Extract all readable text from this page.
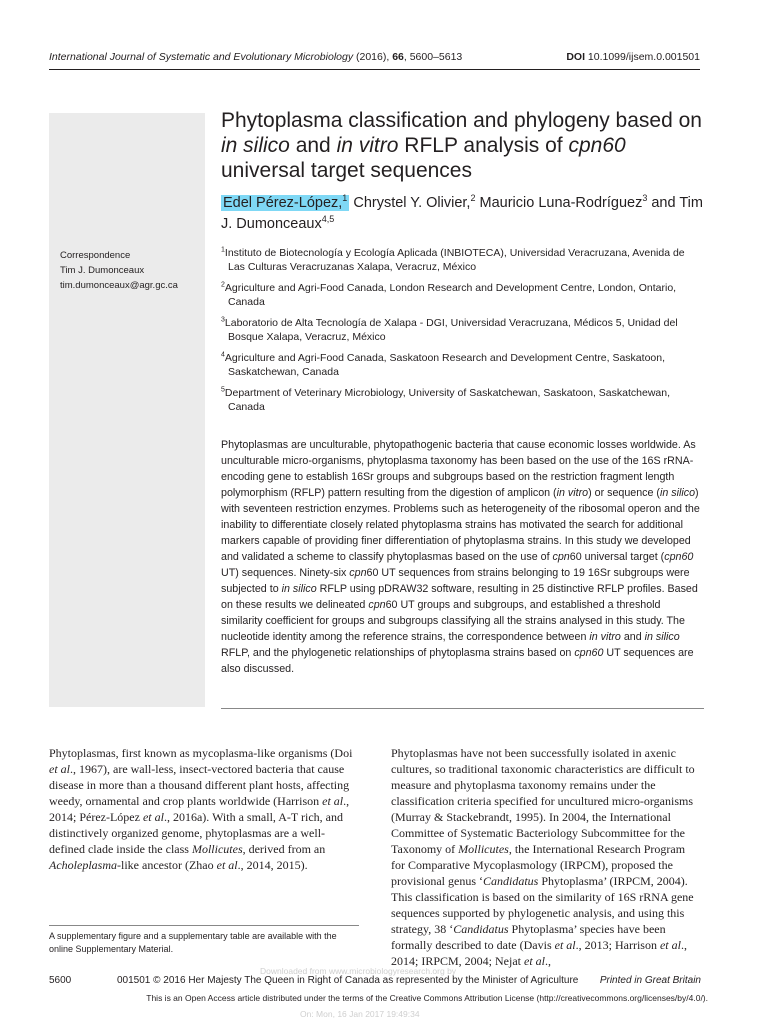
International Journal of Systematic and Evolutionary Microbiology (2016), 66, 5600–5613	DOI 10.1099/ijsem.0.001501
Phytoplasma classification and phylogeny based on in silico and in vitro RFLP analysis of cpn60 universal target sequences
Edel Pérez-López,$^1$ Chrystel Y. Olivier,$^2$ Mauricio Luna-Rodríguez$^3$ and Tim J. Dumonceaux$^{4,5}$
Correspondence
Tim J. Dumonceaux
tim.dumonceaux@agr.gc.ca
$^1$Instituto de Biotecnología y Ecología Aplicada (INBIOTECA), Universidad Veracruzana, Avenida de Las Culturas Veracruzanas Xalapa, Veracruz, México
$^2$Agriculture and Agri-Food Canada, London Research and Development Centre, London, Ontario, Canada
$^3$Laboratorio de Alta Tecnología de Xalapa - DGI, Universidad Veracruzana, Médicos 5, Unidad del Bosque Xalapa, Veracruz, México
$^4$Agriculture and Agri-Food Canada, Saskatoon Research and Development Centre, Saskatoon, Saskatchewan, Canada
$^5$Department of Veterinary Microbiology, University of Saskatchewan, Saskatoon, Saskatchewan, Canada
Phytoplasmas are unculturable, phytopathogenic bacteria that cause economic losses worldwide. As unculturable micro-organisms, phytoplasma taxonomy has been based on the use of the 16S rRNA-encoding gene to establish 16Sr groups and subgroups based on the restriction fragment length polymorphism (RFLP) pattern resulting from the digestion of amplicon (in vitro) or sequence (in silico) with seventeen restriction enzymes. Problems such as heterogeneity of the ribosomal operon and the inability to differentiate closely related phytoplasma strains has motivated the search for additional markers capable of providing finer differentiation of phytoplasma strains. In this study we developed and validated a scheme to classify phytoplasmas based on the use of cpn60 universal target (cpn60 UT) sequences. Ninety-six cpn60 UT sequences from strains belonging to 19 16Sr subgroups were subjected to in silico RFLP using pDRAW32 software, resulting in 25 distinctive RFLP profiles. Based on these results we delineated cpn60 UT groups and subgroups, and established a threshold similarity coefficient for groups and subgroups classifying all the strains analysed in this study. The nucleotide identity among the reference strains, the correspondence between in vitro and in silico RFLP, and the phylogenetic relationships of phytoplasma strains based on cpn60 UT sequences are also discussed.
Phytoplasmas, first known as mycoplasma-like organisms (Doi et al., 1967), are wall-less, insect-vectored bacteria that cause disease in more than a thousand different plant hosts, affecting weedy, ornamental and crop plants worldwide (Harrison et al., 2014; Pérez-López et al., 2016a). With a small, A-T rich, and distinctively organized genome, phytoplasmas are a well-defined clade inside the class Mollicutes, derived from an Acholeplasma-like ancestor (Zhao et al., 2014, 2015).
Phytoplasmas have not been successfully isolated in axenic cultures, so traditional taxonomic characteristics are difficult to measure and phytoplasma taxonomy remains under the classification criteria specified for uncultured micro-organisms (Murray & Stackebrandt, 1995). In 2004, the International Committee of Systematic Bacteriology Subcommittee for the Taxonomy of Mollicutes, the International Research Program for Comparative Mycoplasmology (IRPCM), proposed the provisional genus ‘Candidatus Phytoplasma’ (IRPCM, 2004). This classification is based on the similarity of 16S rRNA gene sequences supported by phylogenetic analysis, and using this strategy, 38 ‘Candidatus Phytoplasma’ species have been formally described to date (Davis et al., 2013; Harrison et al., 2014; IRPCM, 2004; Nejat et al.,
A supplementary figure and a supplementary table are available with the online Supplementary Material.
Downloaded from www.microbiologyresearch.org by
5600	001501 © 2016 Her Majesty The Queen in Right of Canada as represented by the Minister of Agriculture Printed in Great Britain
This is an Open Access article distributed under the terms of the Creative Commons Attribution License (http://creativecommons.org/licenses/by/4.0/).
On: Mon, 16 Jan 2017 19:49:34
